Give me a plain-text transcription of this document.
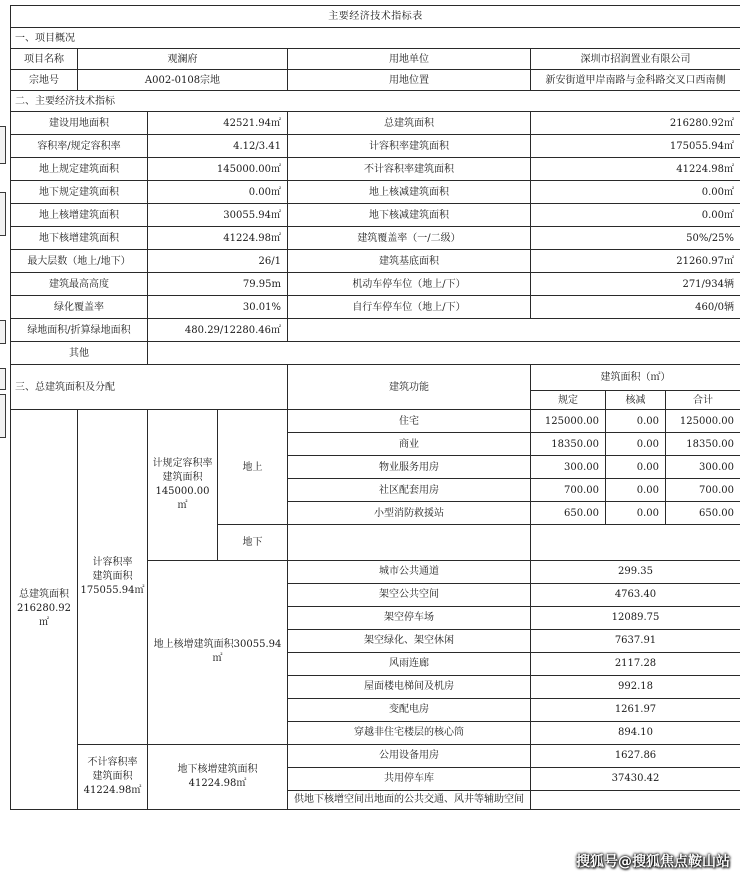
主要经济技术指标表							
一、项目概况							
项目名称	观澜府			用地单位	深圳市招润置业有限公司		
宗地号	A002-0108宗地			用地位置	新安街道甲岸南路与金科路交叉口西南侧		
二、主要经济技术指标							
建设用地面积		42521.94㎡		总建筑面积	216280.92㎡		
容积率/规定容积率		4.12/3.41		计容积率建筑面积	175055.94㎡		
地上规定建筑面积		145000.00㎡		不计容积率建筑面积	41224.98㎡		
地下规定建筑面积		0.00㎡		地上核减建筑面积	0.00㎡		
地上核增建筑面积		30055.94㎡		地下核减建筑面积	0.00㎡		
地下核增建筑面积		41224.98㎡		建筑覆盖率（一/二级）	50%/25%		
最大层数（地上/地下）		26/1		建筑基底面积	21260.97㎡		
建筑最高高度		79.95m		机动车停车位（地上/下）	271/934辆		
绿化覆盖率		30.01%		自行车停车位（地上/下）	460/0辆		
绿地面积/折算绿地面积		480.29/12280.46㎡					
其他							
三、总建筑面积及分配				建筑功能	建筑面积（㎡）		
					规定	核减	合计
总建筑面积
216280.92㎡	计容积率
建筑面积
175055.94㎡	计规定容积率
建筑面积
145000.00 ㎡	地上	住宅	125000.00	0.00	125000.00
				商业	18350.00	0.00	18350.00
				物业服务用房	300.00	0.00	300.00
				社区配套用房	700.00	0.00	700.00
				小型消防救援站	650.00	0.00	650.00
			地下				
		地上核增建筑面积30055.94
㎡		城市公共通道	299.35		
				架空公共空间	4763.40		
				架空停车场	12089.75		
				架空绿化、架空休闲	7637.91		
				风雨连廊	2117.28		
				屋面楼电梯间及机房	992.18		
				变配电房	1261.97		
				穿越非住宅楼层的核心筒	894.10		
	不计容积率
建筑面积
41224.98㎡	地下核增建筑面积
41224.98㎡		公用设备用房	1627.86		
				共用停车库	37430.42		
				供地下核增空间出地面的公共交通、风井等辅助空间			
搜狐号@搜狐焦点鞍山站
